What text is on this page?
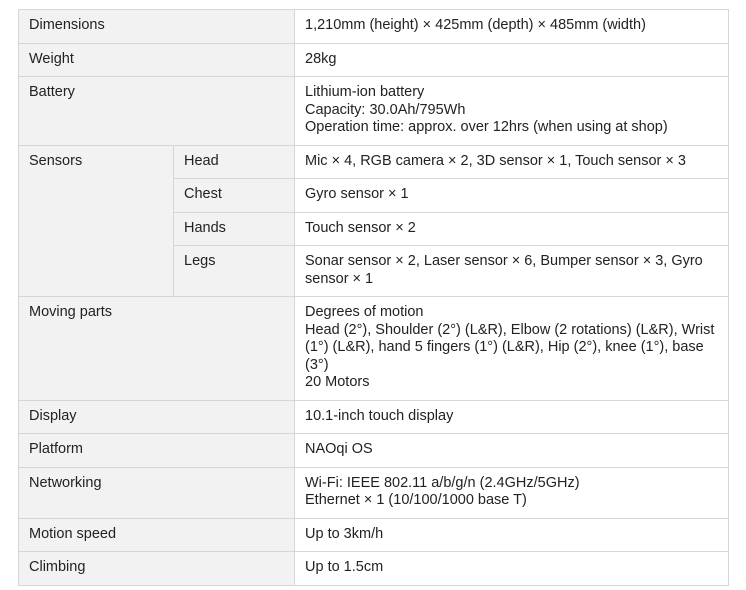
Dimensions		1,210mm (height) × 425mm (depth) × 485mm (width)
Weight		28kg
Battery		Lithium-ion battery
Capacity: 30.0Ah/795Wh
Operation time: approx. over 12hrs (when using at shop)

Sensors	Head	Mic × 4, RGB camera × 2, 3D sensor × 1, Touch sensor × 3
	Chest	Gyro sensor × 1
	Hands	Touch sensor × 2
	Legs	Sonar sensor × 2, Laser sensor × 6, Bumper sensor × 3, Gyro sensor × 1
Moving parts		Degrees of motion
Head (2°), Shoulder (2°) (L&R), Elbow (2 rotations) (L&R), Wrist (1°) (L&R), hand 5 fingers (1°) (L&R), Hip (2°), knee (1°), base (3°)
20 Motors

Display		10.1-inch touch display
Platform		NAOqi OS
Networking		Wi-Fi: IEEE 802.11 a/b/g/n (2.4GHz/5GHz)
Ethernet × 1 (10/100/1000 base T)

Motion speed		Up to 3km/h
Climbing		Up to 1.5cm
